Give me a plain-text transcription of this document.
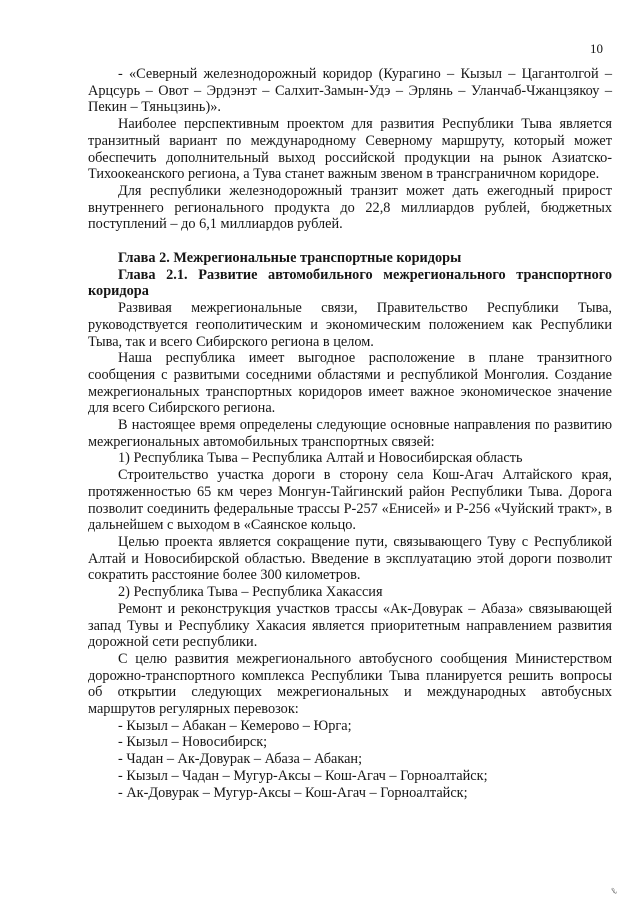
10

- «Северный железнодорожный коридор (Курагино – Кызыл – Цагантолгой – Арцсурь – Овот – Эрдэнэт – Салхит-Замын-Удэ – Эрлянь – Уланчаб-Чжанцзякоу – Пекин – Тяньцзинь)».

Наиболее перспективным проектом для развития Республики Тыва является транзитный вариант по международному Северному маршруту, который может обеспечить дополнительный выход российской продукции на рынок Азиатско-Тихоокеанского региона, а Тува станет важным звеном в трансграничном коридоре.

Для республики железнодорожный транзит может дать ежегодный прирост внутреннего регионального продукта до 22,8 миллиардов рублей, бюджетных поступлений – до 6,1 миллиардов рублей.

Глава 2. Межрегиональные транспортные коридоры
Глава 2.1. Развитие автомобильного межрегионального транспортного коридора

Развивая межрегиональные связи, Правительство Республики Тыва, руководствуется геополитическим и экономическим положением как Республики Тыва, так и всего Сибирского региона в целом.

Наша республика имеет выгодное расположение в плане транзитного сообщения с развитыми соседними областями и республикой Монголия. Создание межрегиональных транспортных коридоров имеет важное экономическое значение для всего Сибирского региона.

В настоящее время определены следующие основные направления по развитию межрегиональных автомобильных транспортных связей:

1) Республика Тыва – Республика Алтай и Новосибирская область

Строительство участка дороги в сторону села Кош-Агач Алтайского края, протяженностью 65 км через Монгун-Тайгинский район Республики Тыва. Дорога позволит соединить федеральные трассы Р-257 «Енисей» и Р-256 «Чуйский тракт», в дальнейшем с выходом в «Саянское кольцо.

Целью проекта является сокращение пути, связывающего Туву с Республикой Алтай и Новосибирской областью. Введение в эксплуатацию этой дороги позволит сократить расстояние более 300 километров.

2) Республика Тыва – Республика Хакассия

Ремонт и реконструкция участков трассы «Ак-Довурак – Абаза» связывающей запад Тувы и Республику Хакасия является приоритетным направлением развития дорожной сети республики.

С целю развития межрегионального автобусного сообщения Министерством дорожно-транспортного комплекса Республики Тыва планируется решить вопросы об открытии следующих межрегиональных и международных автобусных маршрутов регулярных перевозок:

- Кызыл – Абакан – Кемерово – Юрга;
- Кызыл – Новосибирск;
- Чадан – Ак-Довурак – Абаза – Абакан;
- Кызыл – Чадан – Мугур-Аксы – Кош-Агач – Горноалтайск;
- Ак-Довурак – Мугур-Аксы – Кош-Агач – Горноалтайск;
ℓ
